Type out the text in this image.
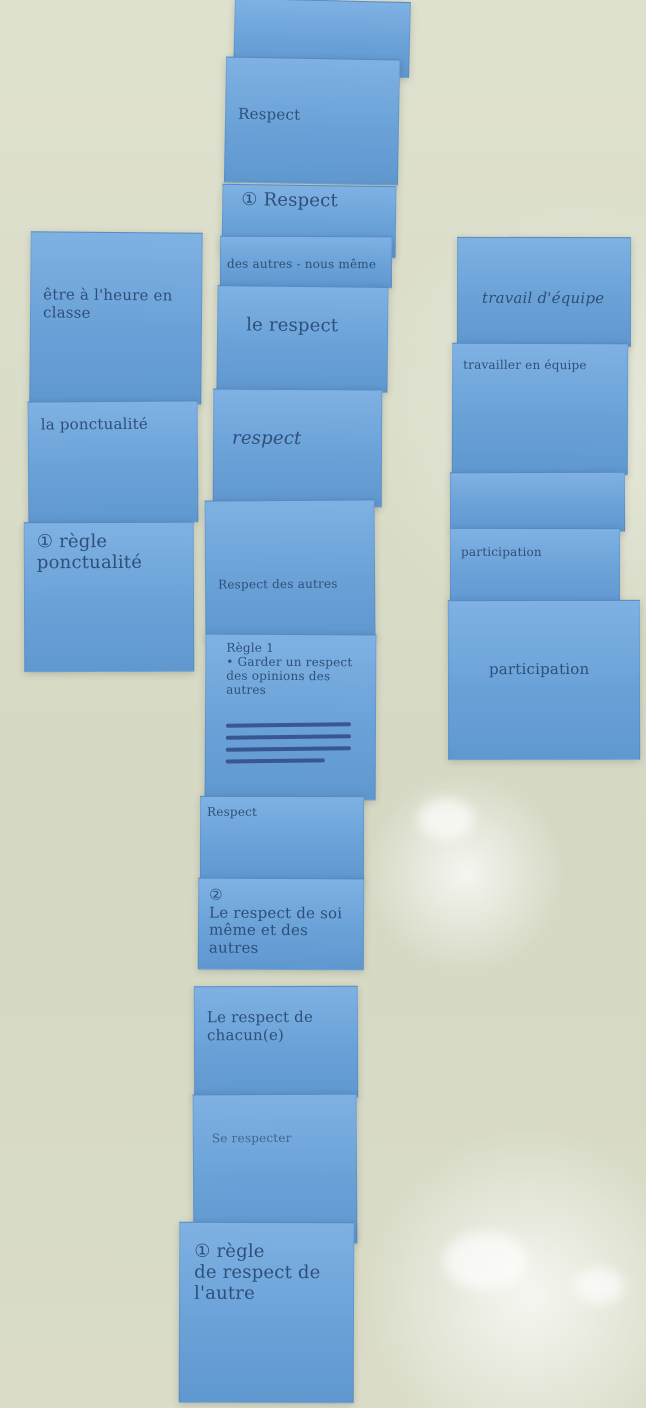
être à l'heure en
classe
la ponctualité
① règle
ponctualité
Respect
① Respect
des autres - nous même
le respect
respect
Respect des autres
Règle 1
• Garder un respect
des opinions des
autres
Respect
②
Le respect de soi
même et des autres
Le respect de
chacun(e)
Se respecter
① règle
de respect de
l'autre
travail d'équipe
travailler en équipe
participation
participation
